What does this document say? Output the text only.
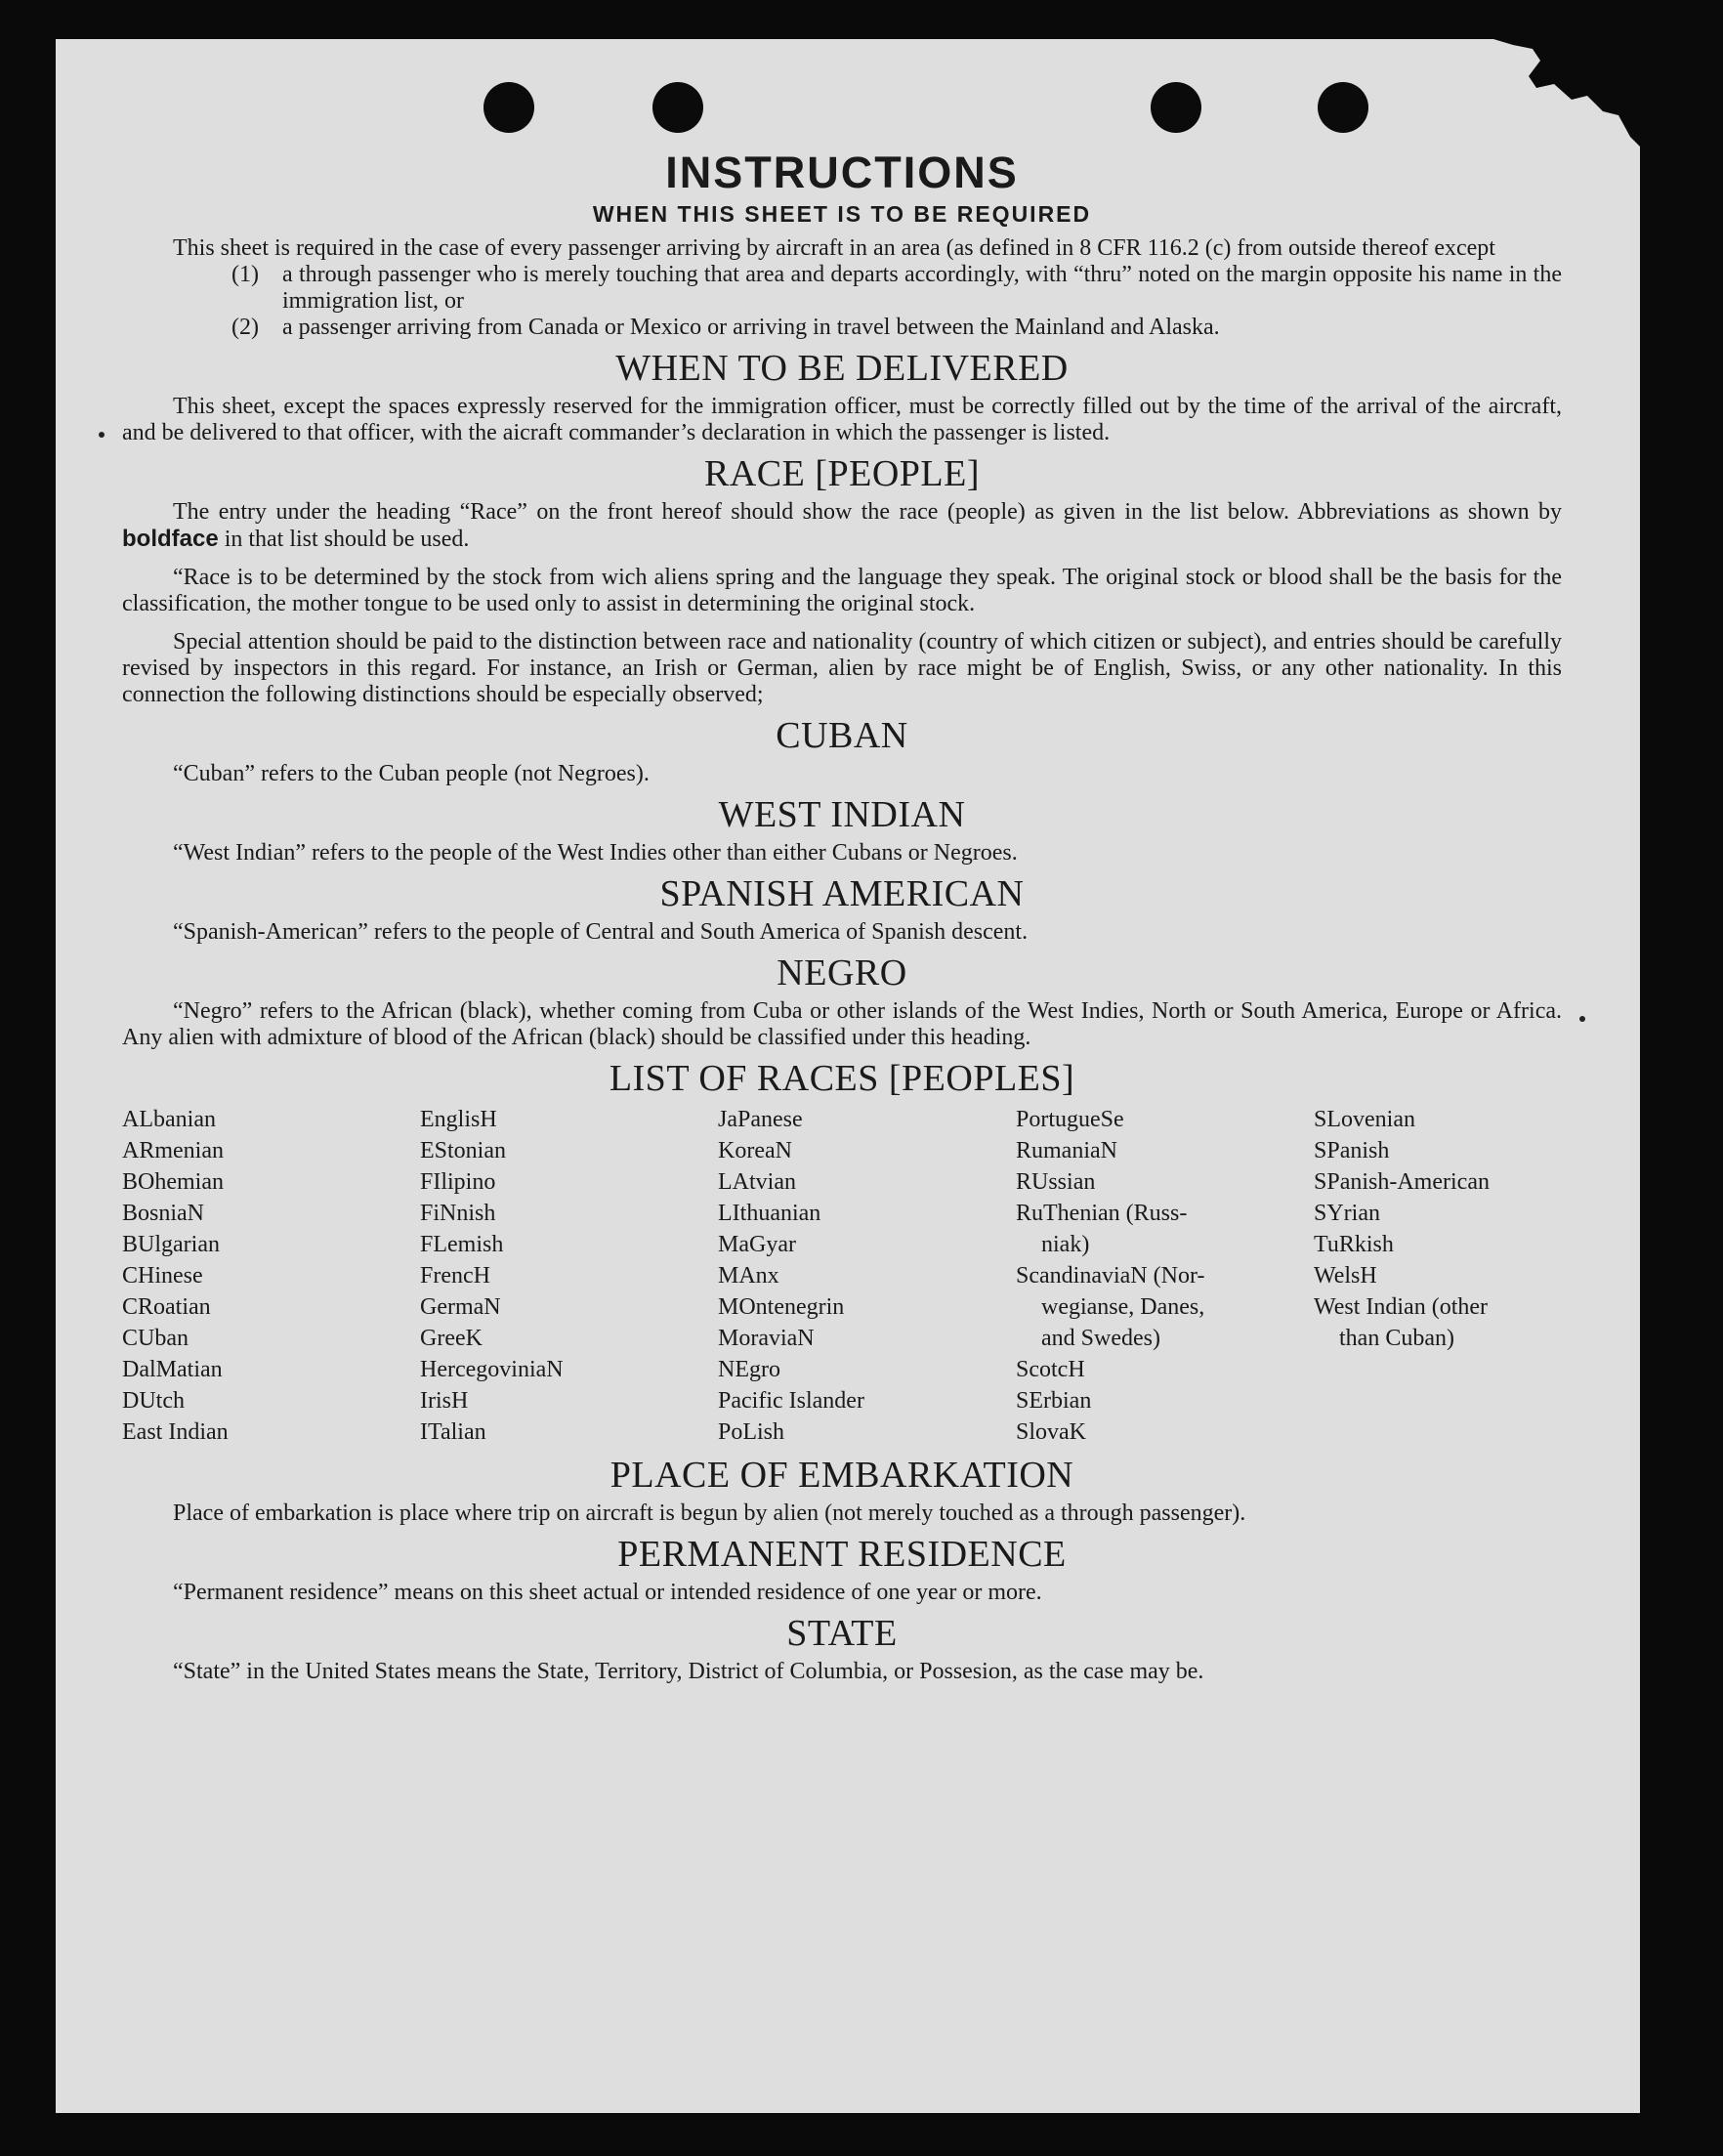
INSTRUCTIONS
WHEN THIS SHEET IS TO BE REQUIRED

This sheet is required in the case of every passenger arriving by aircraft in an area (as defined in 8 CFR 116.2 (c) from outside thereof except

(1)	a through passenger who is merely touching that area and departs accordingly, with “thru” noted on the margin opposite his name in the immigration list, or
(2)	a passenger arriving from Canada or Mexico or arriving in travel between the Mainland and Alaska.
WHEN TO BE DELIVERED

This sheet, except the spaces expressly reserved for the immigration officer, must be correctly filled out by the time of the arrival of the aircraft, and be delivered to that officer, with the aicraft commander’s declaration in which the passenger is listed.

RACE [PEOPLE]

The entry under the heading “Race” on the front hereof should show the race (people) as given in the list below. Abbreviations as shown by boldface in that list should be used.

“Race is to be determined by the stock from wich aliens spring and the language they speak. The original stock or blood shall be the basis for the classification, the mother tongue to be used only to assist in determining the original stock.

Special attention should be paid to the distinction between race and nationality (country of which citizen or subject), and entries should be carefully revised by inspectors in this regard. For instance, an Irish or German, alien by race might be of English, Swiss, or any other nationality. In this connection the following distinctions should be especially observed;

CUBAN

“Cuban” refers to the Cuban people (not Negroes).

WEST INDIAN

“West Indian” refers to the people of the West Indies other than either Cubans or Negroes.

SPANISH AMERICAN

“Spanish-American” refers to the people of Central and South America of Spanish descent.

NEGRO

“Negro” refers to the African (black), whether coming from Cuba or other islands of the West Indies, North or South America, Europe or Africa. Any alien with admixture of blood of the African (black) should be classified under this heading.

LIST OF RACES [PEOPLES]
ALbanian
ARmenian
BOhemian
BosniaN
BUlgarian
CHinese
CRoatian
CUban
DalMatian
DUtch
East Indian
EnglisH
EStonian
FIlipino
FiNnish
FLemish
FrencH
GermaN
GreeK
HercegoviniaN
IrisH
ITalian
JaPanese
KoreaN
LAtvian
LIthuanian
MaGyar
MAnx
MOntenegrin
MoraviaN
NEgro
Pacific Islander
PoLish
PortugueSe
RumaniaN
RUssian
RuThenian (Russ-
niak)
ScandinaviaN (Nor-
wegianse, Danes,
and Swedes)
ScotcH
SErbian
SlovaK
SLovenian
SPanish
SPanish-American
SYrian
TuRkish
WelsH
West Indian (other
than Cuban)
PLACE OF EMBARKATION

Place of embarkation is place where trip on aircraft is begun by alien (not merely touched as a through passenger).

PERMANENT RESIDENCE

“Permanent residence” means on this sheet actual or intended residence of one year or more.

STATE

“State” in the United States means the State, Territory, District of Columbia, or Possesion, as the case may be.
